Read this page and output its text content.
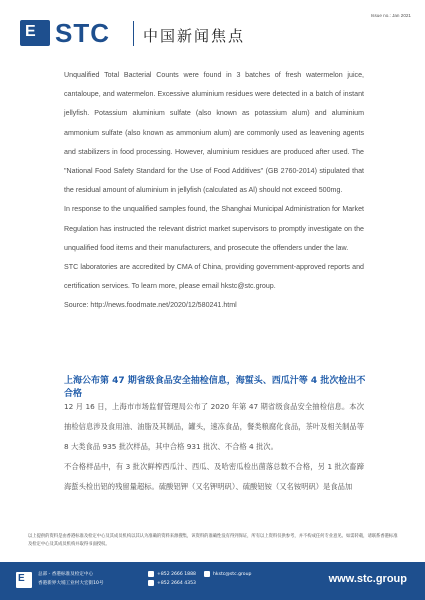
Issue no.: Jan 2021
E STC 中国新闻焦点

Unqualified Total Bacterial Counts were found in 3 batches of fresh watermelon juice, cantaloupe, and watermelon. Excessive aluminium residues were detected in a batch of instant jellyfish. Potassium aluminium sulfate (also known as potassium alum) and aluminium ammonium sulfate (also known as ammonium alum) are commonly used as leavening agents and stabilizers in food processing. However, aluminium residues are produced after used. The "National Food Safety Standard for the Use of Food Additives" (GB 2760-2014) stipulated that the residual amount of aluminium in jellyfish (calculated as Al) should not exceed 500mg.

In response to the unqualified samples found, the Shanghai Municipal Administration for Market Regulation has instructed the relevant district market supervisors to promptly investigate on the unqualified food items and their manufacturers, and prosecute the offenders under the law.

STC laboratories are accredited by CMA of China, providing government-approved reports and certification services. To learn more, please email hkstc@stc.group.

Source: http://news.foodmate.net/2020/12/580241.html

上海公布第 47 期省级食品安全抽检信息，海蜇头、西瓜汁等 4 批次检出不合格

12 月 16 日，上海市市场监督管理局公布了 2020 年第 47 期省级食品安全抽检信息。本次抽检信息涉及食用油、油脂及其制品，罐头，速冻食品，餐类粮腐化食品，茶叶及相关制品等 8 大类食品 935 批次样品，其中合格 931 批次、不合格 4 批次。

不合格样品中，有 3 批次鲜榨西瓜汁、西瓜、及哈密瓜检出菌落总数不合格，另 1 批次畜蹄海蜇头检出铝的残留量超标。硫酸铝钾（又名钾明矾）、硫酸铝铵（又名铵明矾）是食品加

以上提供的资料是由香港标准及检定中心及其成员机构以其认为准确的资料来源搜集，该资料的准确性没有得到保证，所有以上资料仅供参考，并不构成任何专业意见。如需转载，请联系香港标准及检定中心及其成员机构并取得书面授权。
E	总部 - 香港标准及检定中心
香港新界大埔工业村大宏街10号
+852 2666 1888
+852 2664 4353
hkstc@stc.group	www.stc.group
